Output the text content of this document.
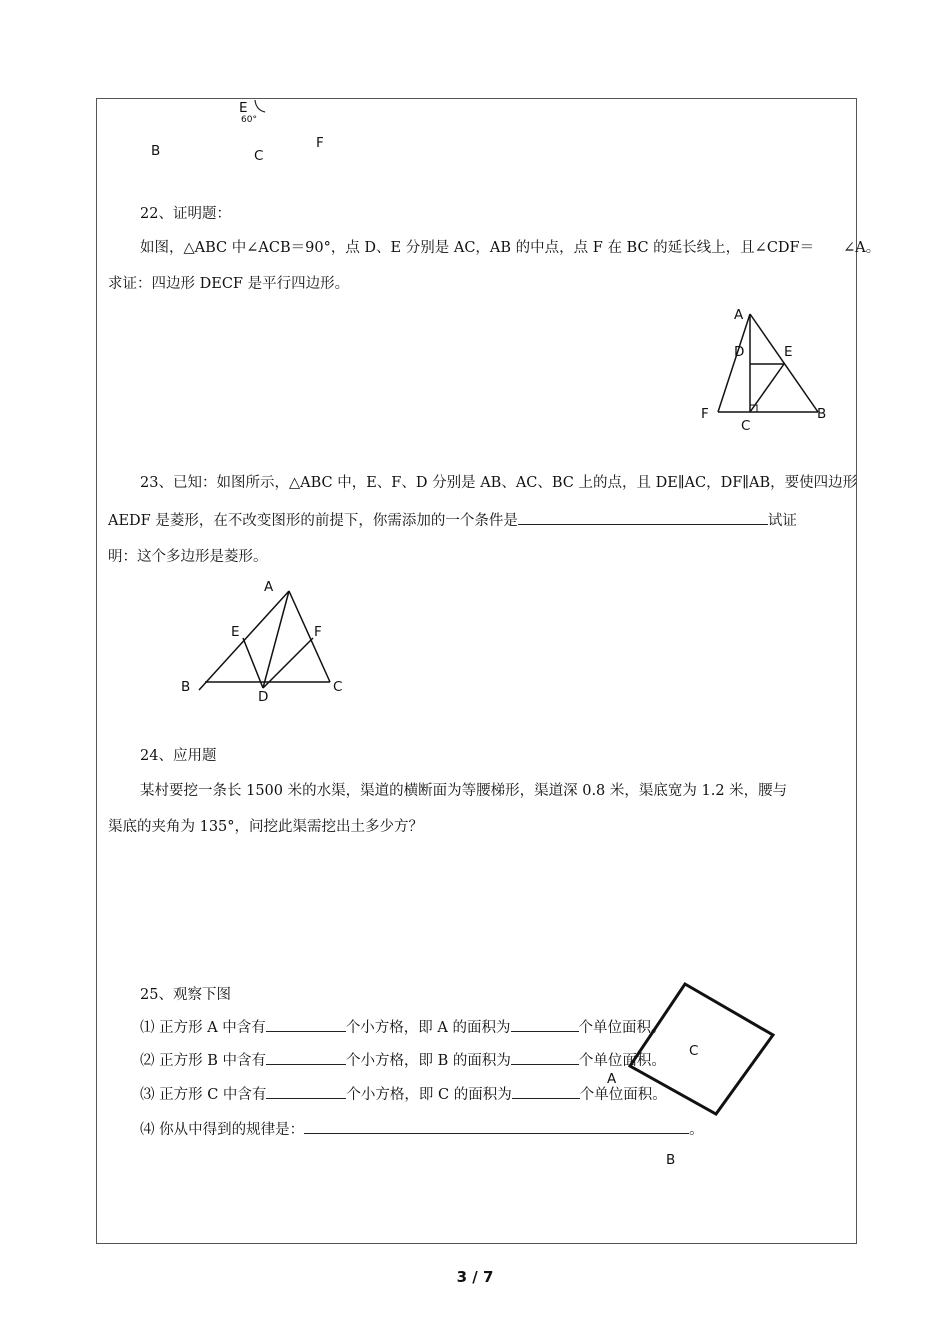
E
60°
B	C
F
22、证明题：
如图，△ABC 中∠ACB＝90°，点 D、E 分别是 AC，AB 的中点，点 F 在 BC 的延长线上，且∠CDF＝　　∠A。
求证：四边形 DECF 是平行四边形。
A
D	E
F
C
B
23、已知：如图所示，△ABC 中，E、F、D 分别是 AB、AC、BC 上的点，且 DE∥AC，DF∥AB，要使四边形
AEDF 是菱形，在不改变图形的前提下，你需添加的一个条件是	试证
明：这个多边形是菱形。
A
E	F
B
D
C
24、应用题
某村要挖一条长 1500 米的水渠，渠道的横断面为等腰梯形，渠道深 0.8 米，渠底宽为 1.2 米，腰与
渠底的夹角为 135°，问挖此渠需挖出土多少方？
25、观察下图
⑴ 正方形 A 中含有	个小方格，即 A 的面积为	个单位面积。
⑵ 正方形 B 中含有	个小方格，即 B 的面积为	个单位面积。
⑶ 正方形 C 中含有	个小方格，即 C 的面积为	个单位面积。
⑷ 你从中得到的规律是：	。
C
A
B
3 / 7
